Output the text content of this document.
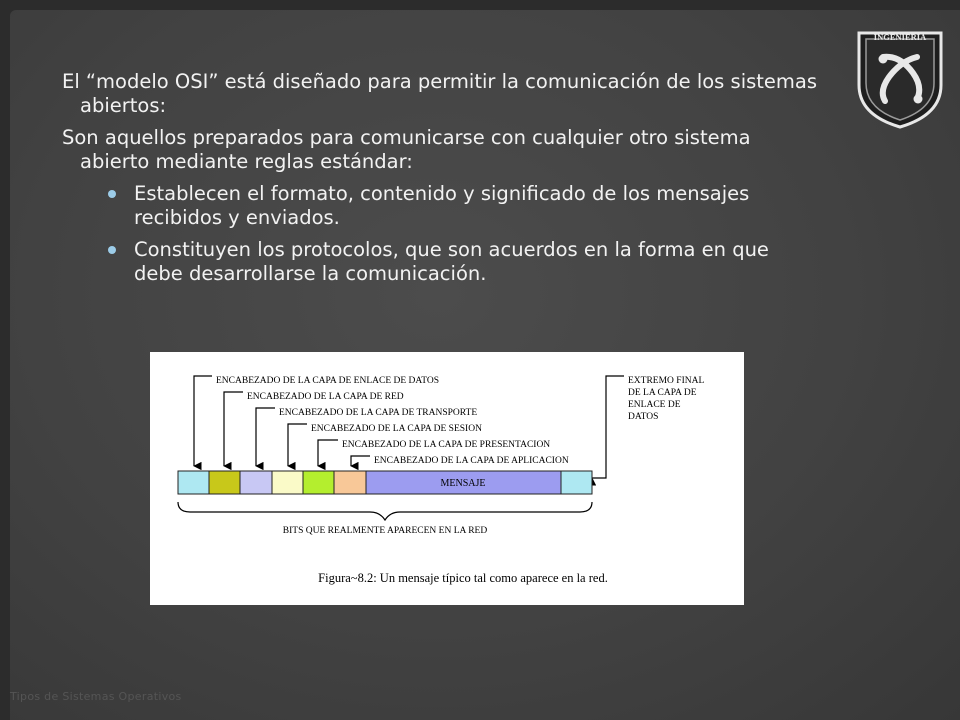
INGENIERIA

El “modelo OSI” está diseñado para permitir la comunicación de los sistemas abiertos:

Son aquellos preparados para comunicarse con cualquier otro sistema abierto mediante reglas estándar:

Establecen el formato, contenido y significado de los mensajes recibidos y enviados.

Constituyen los protocolos, que son acuerdos en la forma en que debe desarrollarse la comunicación.

ENCABEZADO DE LA CAPA DE ENLACE DE DATOS
ENCABEZADO DE LA CAPA DE RED
ENCABEZADO DE LA CAPA DE TRANSPORTE
ENCABEZADO DE LA CAPA DE SESION
ENCABEZADO DE LA CAPA DE PRESENTACION
ENCABEZADO DE LA CAPA DE APLICACION
EXTREMO FINAL
DE LA CAPA DE
ENLACE DE
DATOS
MENSAJE
BITS QUE REALMENTE APARECEN EN LA RED
Figura~8.2: Un mensaje típico tal como aparece en la red.
Tipos de Sistemas Operativos
